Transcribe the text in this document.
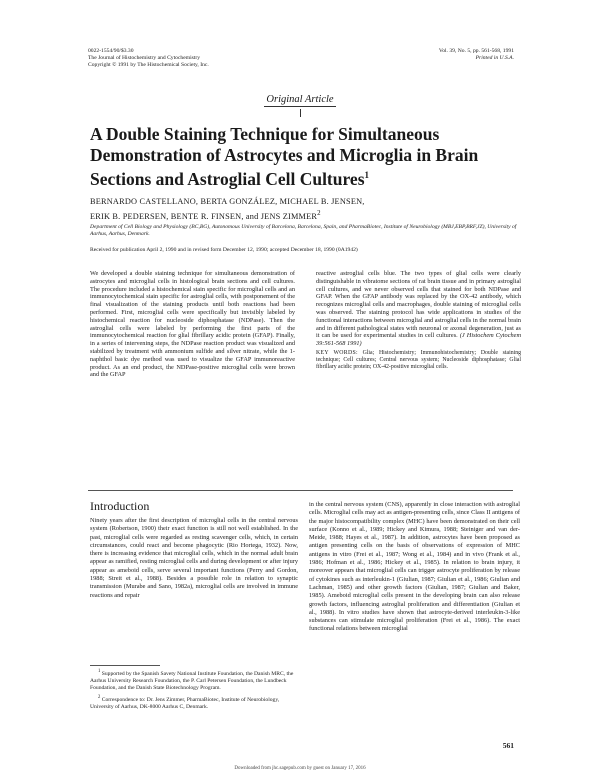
0022-1554/90/$3.30
The Journal of Histochemistry and Cytochemistry
Copyright © 1991 by The Histochemical Society, Inc.
Vol. 39, No. 5, pp. 561-568, 1991
Printed in U.S.A.
Original Article
A Double Staining Technique for Simultaneous Demonstration of Astrocytes and Microglia in Brain Sections and Astroglial Cell Cultures$^1$
BERNARDO CASTELLANO, BERTA GONZÁLEZ, MICHAEL B. JENSEN,
ERIK B. PEDERSEN, BENTE R. FINSEN, and JENS ZIMMER$^2$
Department of Cell Biology and Physiology (BC,BG), Autonomous University of Barcelona, Barcelona, Spain, and PharmaBiotec, Institute of Neurobiology (MBJ,EBP,BRF,JZ), University of Aarhus, Aarhus, Denmark.
Received for publication April 2, 1990 and in revised form December 12, 1990; accepted December 18, 1990 (0A1942)

We developed a double staining technique for simultaneous demonstration of astrocytes and microglial cells in histological brain sections and cell cultures. The procedure included a histochemical stain specific for microglial cells and an immunocytochemical stain specific for astroglial cells, with postponement of the final visualization of the staining products until both reactions had been performed. First, microglial cells were specifically but invisibly labeled by histochemical reaction for nucleoside diphosphatase (NDPase). Then the astroglial cells were labeled by performing the first parts of the immunocytochemical reaction for glial fibrillary acidic protein (GFAP). Finally, in a series of intervening steps, the NDPase reaction product was visualized and stabilized by treatment with ammonium sulfide and silver nitrate, while the 1-naphthol basic dye method was used to visualize the GFAP immunoreactive product. As an end product, the NDPase-positive microglial cells were brown and the GFAP

reactive astroglial cells blue. The two types of glial cells were clearly distinguishable in vibratome sections of rat brain tissue and in primary astroglial cell cultures, and we never observed cells that stained for both NDPase and GFAP. When the GFAP antibody was replaced by the OX-42 antibody, which recognizes microglial cells and macrophages, double staining of microglial cells was observed. The staining protocol has wide applications in studies of the functional interactions between microglial and astroglial cells in the normal brain and in different pathological states with neuronal or axonal degeneration, just as it can be used for experimental studies in cell cultures. (J Histochem Cytochem 39:561-568 1991)

KEY WORDS: Glia; Histochemistry; Immunohistochemistry; Double staining technique; Cell cultures; Central nervous system; Nucleoside diphosphatase; Glial fibrillary acidic protein; OX-42-positive microglial cells.

Introduction

Ninety years after the first description of microglial cells in the central nervous system (Robertson, 1900) their exact function is still not well established. In the past, microglial cells were regarded as resting scavenger cells, which, in certain circumstances, could react and become phagocytic (Rio Hortega, 1932). Now, there is increasing evidence that microglial cells, which in the normal adult brain appear as ramified, resting microglial cells and during development or after injury appear as ameboid cells, serve several important functions (Perry and Gordon, 1988; Streit et al., 1988). Besides a possible role in relation to synaptic transmission (Murabe and Sano, 1982a), microglial cells are involved in immune reactions and repair

in the central nervous system (CNS), apparently in close interaction with astroglial cells. Microglial cells may act as antigen-presenting cells, since Class II antigens of the major histocompatibility complex (MHC) have been demonstrated on their cell surface (Konno et al., 1989; Hickey and Kimura, 1988; Steiniger and van der-Meide, 1988; Hayes et al., 1987). In addition, astrocytes have been proposed as antigen presenting cells on the basis of observations of expression of MHC antigens in vitro (Frei et al., 1987; Wong et al., 1984) and in vivo (Frank et al., 1986; Hofman et al., 1986; Hickey et al., 1985). In relation to brain injury, it moreover appears that microglial cells can trigger astrocyte proliferation by release of cytokines such as interleukin-1 (Giulian, 1987; Giulian et al., 1986; Giulian and Lachman, 1985) and other growth factors (Giulian, 1987; Giulian and Baker, 1985). Ameboid microglial cells present in the developing brain can also release growth factors, influencing astroglial proliferation and differentiation (Giulian et al., 1988). In vitro studies have shown that astrocyte-derived interleukin-3-like substances can stimulate microglial proliferation (Frei et al., 1986). The exact functional relations between microglial

$^1$ Supported by the Spanish Savety National Institute Foundation, the Danish MRC, the Aarhus University Research Foundation, the P. Carl Petersen Foundation, the Lundbeck Foundation, and the Danish State Biotechnology Program.

$^2$ Correspondence to: Dr. Jens Zimmer, PharmaBiotec, Institute of Neurobiology, University of Aarhus, DK-8000 Aarhus C, Denmark.

561
Downloaded from jhc.sagepub.com by guest on January 17, 2016
